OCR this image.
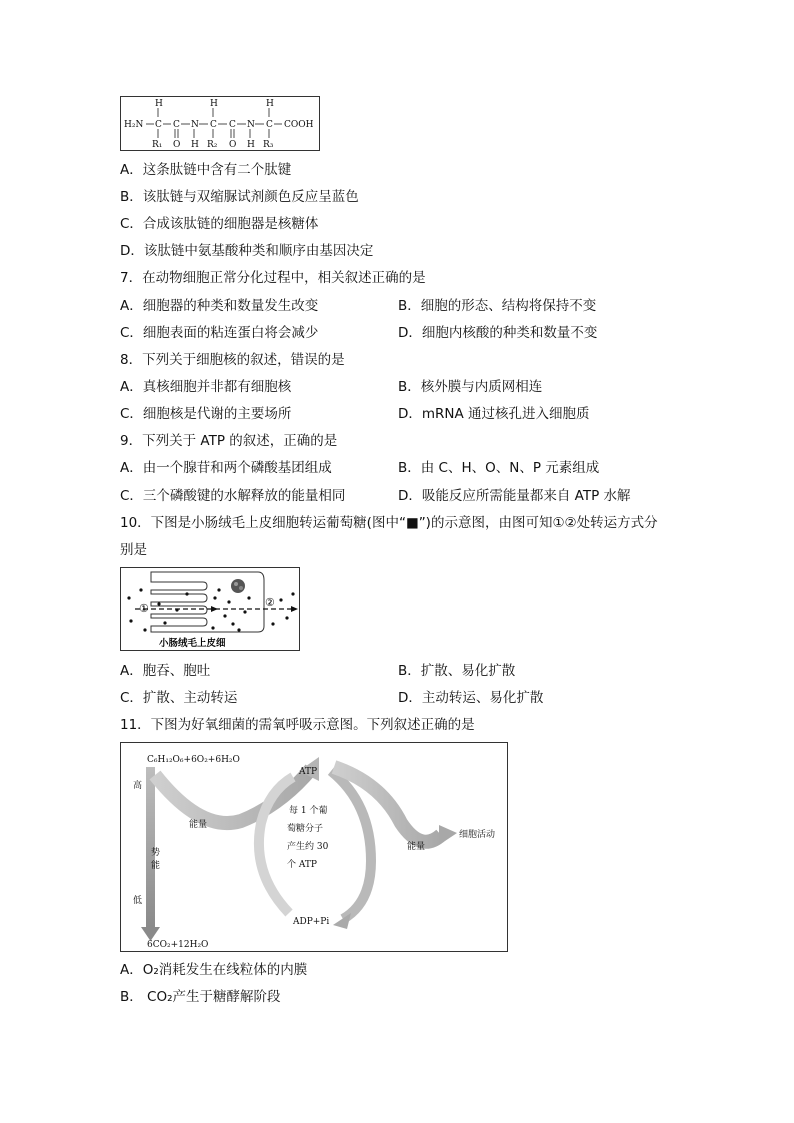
H₂N
H
C
R₁
C
O
N
H
H
C
R₂
C
O
N
H
H
C
R₃
COOH
A．这条肽链中含有二个肽键
B．该肽链与双缩脲试剂颜色反应呈蓝色
C．合成该肽链的细胞器是核糖体
D．该肽链中氨基酸种类和顺序由基因决定
7．在动物细胞正常分化过程中，相关叙述正确的是
A．细胞器的种类和数量发生改变	B．细胞的形态、结构将保持不变
C．细胞表面的粘连蛋白将会减少	D．细胞内核酸的种类和数量不变
8．下列关于细胞核的叙述，错误的是
A．真核细胞并非都有细胞核	B．核外膜与内质网相连
C．细胞核是代谢的主要场所	D．mRNA 通过核孔进入细胞质
9．下列关于 ATP 的叙述，正确的是
A．由一个腺苷和两个磷酸基团组成	B．由 C、H、O、N、P 元素组成
C．三个磷酸键的水解释放的能量相同	D．吸能反应所需能量都来自 ATP 水解
10．下图是小肠绒毛上皮细胞转运葡萄糖(图中“■”)的示意图，由图可知①②处转运方式分
别是
①	②
小肠绒毛上皮细
A．胞吞、胞吐	B．扩散、易化扩散
C．扩散、主动转运	D．主动转运、易化扩散
11．下图为好氧细菌的需氧呼吸示意图。下列叙述正确的是
C₆H₁₂O₆+6O₂+6H₂O
高
势
能
低
6CO₂+12H₂O
能量
ATP
每 1 个葡
萄糖分子
产生约 30
个 ATP
ADP+Pi
能量
细胞活动
A．O₂消耗发生在线粒体的内膜
B． CO₂产生于糖酵解阶段
